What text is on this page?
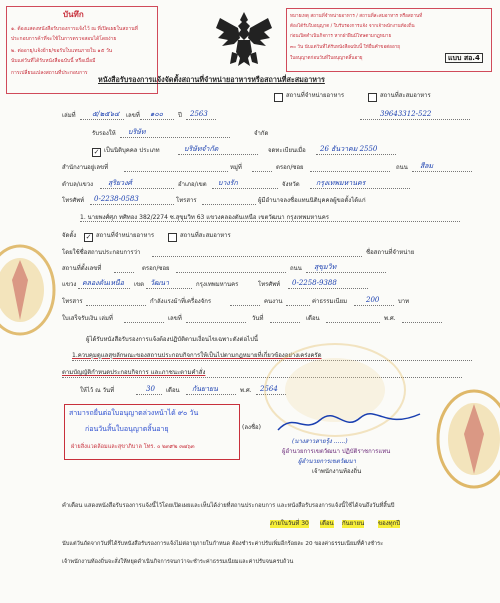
บันทึก
๑. ต้องแสดงหนังสือรับรองการแจ้งไว้ ณ ที่เปิดเผยในสถานที่
ประกอบการค้าที่จะใช้ในการตรวจสอบได้โดยง่าย
๒. ต่ออายุ/แจ้งย้าย/ขอรับใบแทนภายใน ๑๕ วัน
นับแต่วันที่ได้รับหนังสือฉบับนี้ หรือเมื่อมี
การเปลี่ยนแปลงสถานที่ประกอบการ
หมายเหตุ สถานที่จำหน่ายอาหาร / สถานที่สะสมอาหาร หรือสถานที่
ต้องได้รับใบอนุญาต / ใบรับรองการแจ้ง จากเจ้าพนักงานท้องถิ่น
ก่อนเปิดดำเนินกิจการ หากฝ่าฝืนมีโทษตามกฎหมาย
๓๐ วัน นับแต่วันที่ได้รับหนังสือฉบับนี้ ให้ยื่นคำขอต่ออายุ
ใบอนุญาตก่อนวันที่ใบอนุญาตสิ้นอายุ	แบบ สอ.4
หนังสือรับรองการแจ้งจัดตั้งสถานที่จำหน่ายอาหารหรือสถานที่สะสมอาหาร
สถานที่จำหน่ายอาหาร	สถานที่สะสมอาหาร
เล่มที่ ๕/๒๕๖๔ เลขที่ ๑๐๐	ปี 2563	39643312-522
รับรองให้ บริษัท	จำกัด
✓ เป็นนิติบุคคล ประเภท	บริษัทจำกัด	จดทะเบียนเมื่อ 26 ธันวาคม 2550
สำนักงานอยู่เลขที่	หมู่ที่	ตรอก/ซอย	ถนน สีลม
ตำบล/แขวง สุริยวงศ์	อำเภอ/เขต บางรัก	จังหวัด กรุงเทพมหานคร
โทรศัพท์ 0-2238-0583	โทรสาร	ผู้มีอำนาจลงชื่อแทนนิติบุคคลผู้ขอตั้งได้แก่
1. นายพงศ์ศุภ ทศิทอง 382/2274 ซ.สุขุมวิท 63 แขวงคลองตันเหนือ เขตวัฒนา กรุงเทพมหานคร
จัดตั้ง ✓ สถานที่จำหน่ายอาหาร	สถานที่สะสมอาหาร
โดยใช้ชื่อสถานประกอบการว่า	ชื่อสถานที่จำหน่าย
สถานที่ตั้งเลขที่	ตรอก/ซอย	ถนน สุขุมวิท
แขวง คลองตันเหนือ เขต วัฒนา	กรุงเทพมหานคร	โทรศัพท์ 0-2258-9388
โทรสาร	กำลังแรงม้าที่เครื่องจักร	คนงาน	ค่าธรรมเนียม	200	บาท
ใบเสร็จรับเงิน เล่มที่	เลขที่	วันที่	เดือน	พ.ศ.
ผู้ได้รับหนังสือรับรองการแจ้งต้องปฏิบัติตามเงื่อนไขเฉพาะดังต่อไปนี้
1.ควบคุมดูแลสุขลักษณะของสถานประกอบกิจการให้เป็นไปตามกฎหมายที่เกี่ยวข้องอย่างเคร่งครัด
ตามบัญญัติกำหนดประกอบกิจการ และภาชนะตามคำสั่ง
ให้ไว้ ณ วันที่	30 เดือน กันยายน	พ.ศ. 2564
(ลงชื่อ)
(นางสาวสายรุ้ง ......)
ผู้อำนวยการเขตวัฒนา ปฏิบัติราชการแทน
ผู้อำนวยการเขตวัฒนา
เจ้าพนักงานท้องถิ่น
สามารถยื่นต่อใบอนุญาตล่วงหน้าได้ ๙๐ วัน
ก่อนวันสิ้นใบอนุญาตสิ้นอายุ
ฝ่ายสิ่งแวดล้อมและสุขาภิบาล โทร. ๐ ๒๓๙๒ ๓๗๖๓
คำเตือน แสดงหนังสือรับรองการแจ้งนี้ไว้โดยเปิดเผยและเห็นได้ง่ายที่สถานประกอบการ และหนังสือรับรองการแจ้งนี้ใช้ได้จนถึงวันที่สิ้นปี
ภายในวันที่ 30 เดือน กันยายน ของทุกปี
นับแต่วันถัดจากวันที่ได้รับหนังสือรับรองการแจ้งไม่ต่อายุภายในกำหนด ต้องชำระค่าปรับเพิ่มอีกร้อยละ 20 ของค่าธรรมเนียมที่ค้างชำระ
เจ้าพนักงานท้องถิ่นจะสั่งให้หยุดดำเนินกิจการจนกว่าจะชำระค่าธรรมเนียมและค่าปรับจนครบถ้วน
